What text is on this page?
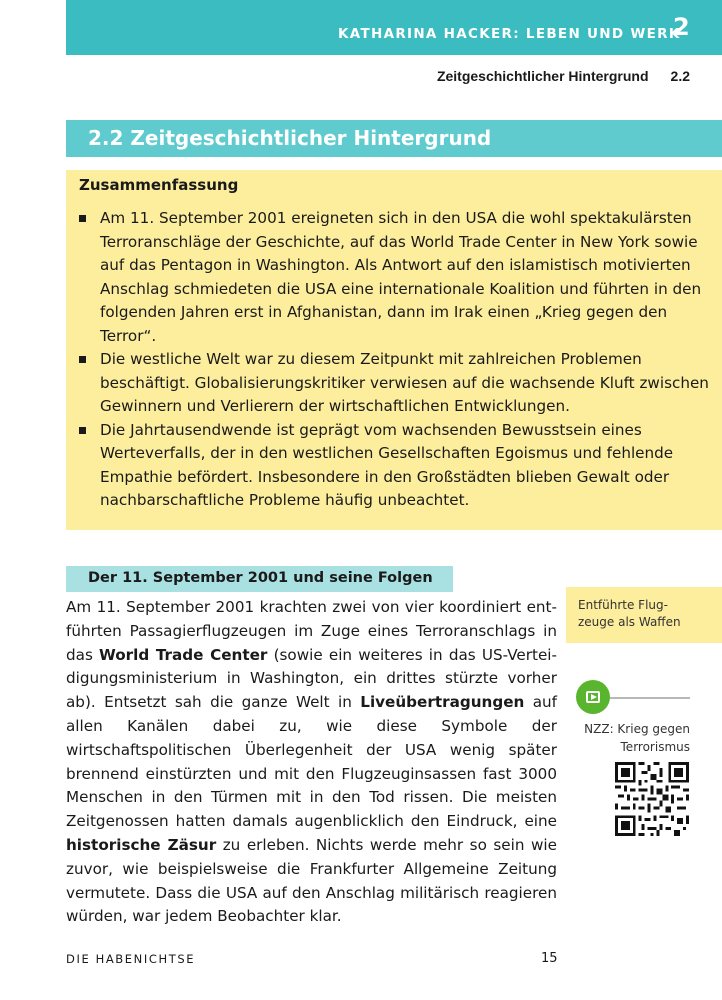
KATHARINA HACKER: LEBEN UND WERK
2
Zeitgeschichtlicher Hintergrund 2.2
2.2 Zeitgeschichtlicher Hintergrund
Zusammenfassung
Am 11. September 2001 ereigneten sich in den USA die wohl spektakulärsten Terroranschläge der Geschichte, auf das World Trade Center in New York sowie auf das Pentagon in Washington. Als Antwort auf den islamistisch motivierten Anschlag schmiedeten die USA eine internationale Koalition und führten in den folgenden Jahren erst in Afghanistan, dann im Irak einen „Krieg gegen den Terror“.
Die westliche Welt war zu diesem Zeitpunkt mit zahlreichen Problemen beschäftigt. Globalisierungskritiker verwiesen auf die wachsende Kluft zwischen Gewinnern und Verlierern der wirtschaftlichen Entwicklungen.
Die Jahrtausendwende ist geprägt vom wachsenden Bewusstsein eines Werteverfalls, der in den westlichen Gesellschaften Egoismus und fehlende Empathie befördert. Insbesondere in den Großstädten blieben Gewalt oder nachbarschaftliche Probleme häufig unbeachtet.
Der 11. September 2001 und seine Folgen
Am 11. September 2001 krachten zwei von vier koordiniert entführten Passagierflugzeugen im Zuge eines Terroranschlags in das World Trade Center (sowie ein weiteres in das US-Verteidigungsministerium in Washington, ein drittes stürzte vorher ab). Entsetzt sah die ganze Welt in Liveübertragungen auf allen Kanälen dabei zu, wie diese Symbole der wirtschaftspolitischen Überlegenheit der USA wenig später brennend einstürzten und mit den Flugzeuginsassen fast 3000 Menschen in den Türmen mit in den Tod rissen. Die meisten Zeitgenossen hatten damals augenblicklich den Eindruck, eine historische Zäsur zu erleben. Nichts werde mehr so sein wie zuvor, wie beispielsweise die Frankfurter Allgemeine Zeitung vermutete. Dass die USA auf den Anschlag militärisch reagieren würden, war jedem Beobachter klar.
Entführte Flug-
zeuge als Waffen
NZZ: Krieg gegen
Terrorismus
DIE HABENICHTSE	15
